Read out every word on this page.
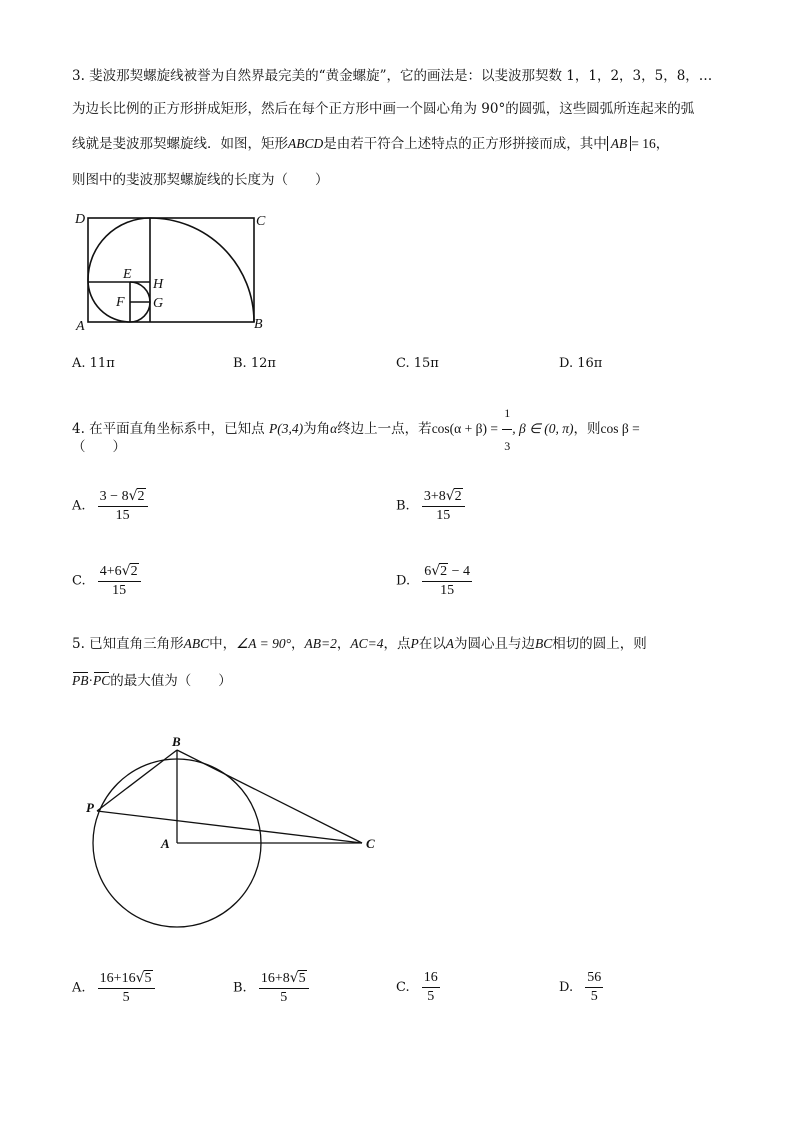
3. 斐波那契螺旋线被誉为自然界最完美的“黄金螺旋”，它的画法是：以斐波那契数 1，1，2，3，5，8，…
为边长比例的正方形拼成矩形，然后在每个正方形中画一个圆心角为 90°的圆弧，这些圆弧所连起来的弧
线就是斐波那契螺旋线．如图，矩形ABCD是由若干符合上述特点的正方形拼接而成，其中 AB = 16，
则图中的斐波那契螺旋线的长度为（　　）
D	C
A	B
E
H
F G
A. 11π	B. 12π	C. 15π	D. 16π
4. 在平面直角坐标系中，已知点 P(3,4)为角α终边上一点，若$\cos(\alpha + \beta) = \frac{1}{3}$ , β ∈ (0, π)，则cos β =
（　　）
A. $\frac{3 - 8√2}{15}$	B. $\frac{3+8√2}{15}$
C. $\frac{4+6√2}{15}$	D. $\frac{6√2 - 4}{15}$
5. 已知直角三角形ABC中，∠A = 90°，AB=2，AC=4，点P在以A为圆心且与边BC相切的圆上，则
PB·PC的最大值为（　　）
B
P
A	C
A. $\frac{16+16√5}{5}$	B. $\frac{16+8√5}{5}$	C. $\frac{16}{5}$	D. $\frac{56}{5}$
